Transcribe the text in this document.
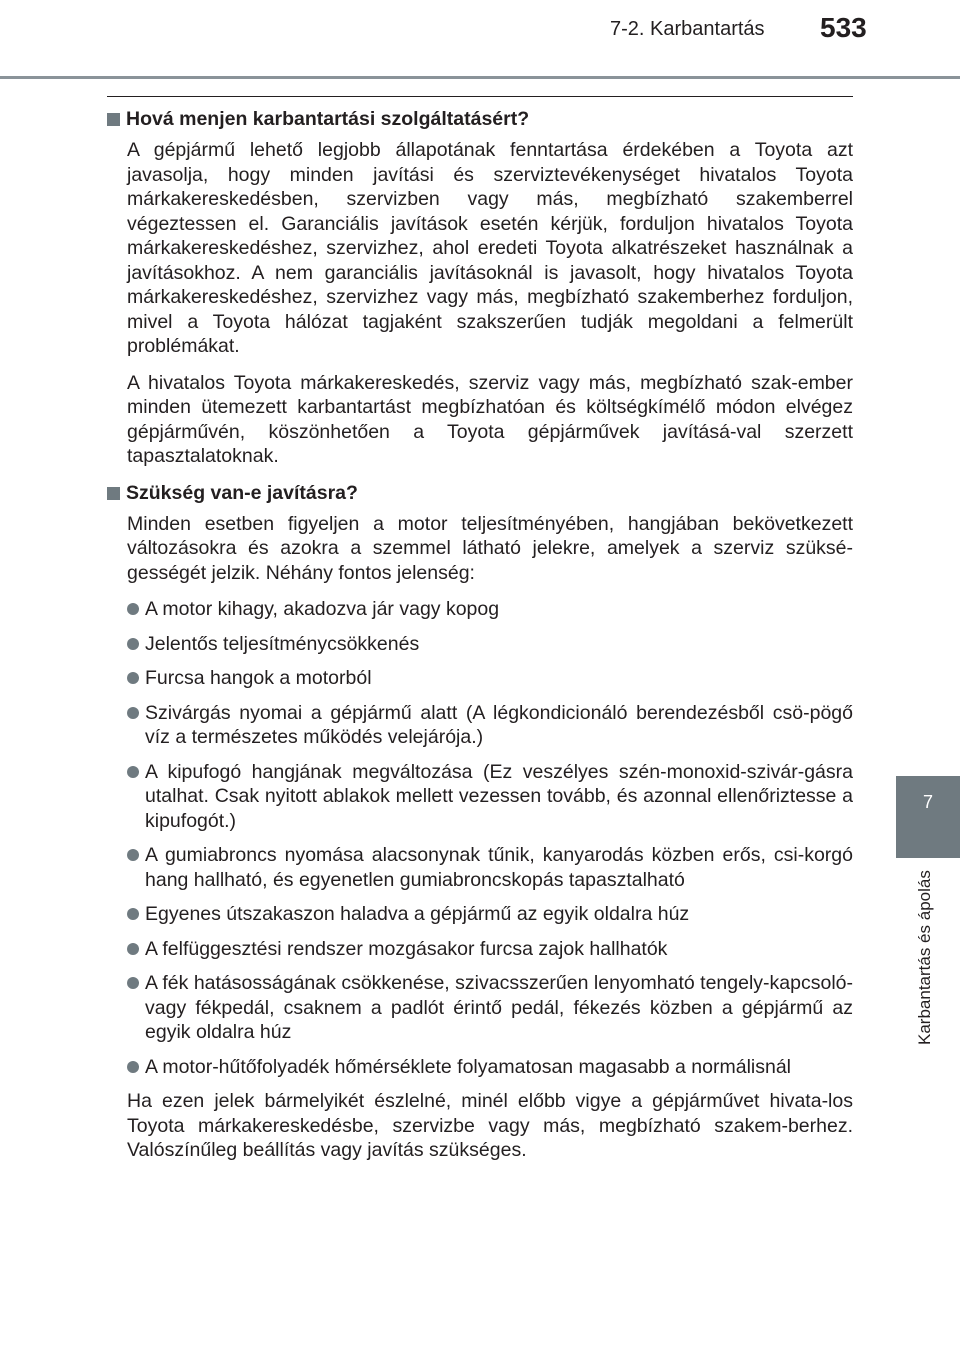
7-2. Karbantartás 533
7
Karbantartás és ápolás
Hová menjen karbantartási szolgáltatásért?

A gépjármű lehető legjobb állapotának fenntartása érdekében a Toyota azt javasolja, hogy minden javítási és szerviztevékenységet hivatalos Toyota márkakereskedésben, szervizben vagy más, megbízható szakemberrel végeztessen el. Garanciális javítások esetén kérjük, forduljon hivatalos Toyota márkakereskedéshez, szervizhez, ahol eredeti Toyota alkatrészeket használnak a javításokhoz. A nem garanciális javításoknál is javasolt, hogy hivatalos Toyota márkakereskedéshez, szervizhez vagy más, megbízható szakemberhez forduljon, mivel a Toyota hálózat tagjaként szakszerűen tudják megoldani a felmerült problémákat.

A hivatalos Toyota márkakereskedés, szerviz vagy más, megbízható szak-ember minden ütemezett karbantartást megbízhatóan és költségkímélő módon elvégez gépjárművén, köszönhetően a Toyota gépjárművek javításá-val szerzett tapasztalatoknak.

Szükség van-e javításra?

Minden esetben figyeljen a motor teljesítményében, hangjában bekövetkezett változásokra és azokra a szemmel látható jelekre, amelyek a szerviz szüksé-gességét jelzik. Néhány fontos jelenség:

A motor kihagy, akadozva jár vagy kopog
Jelentős teljesítménycsökkenés
Furcsa hangok a motorból
Szivárgás nyomai a gépjármű alatt (A légkondicionáló berendezésből csö-pögő víz a természetes működés velejárója.)
A kipufogó hangjának megváltozása (Ez veszélyes szén-monoxid-szivár-gásra utalhat. Csak nyitott ablakok mellett vezessen tovább, és azonnal ellenőriztesse a kipufogót.)
A gumiabroncs nyomása alacsonynak tűnik, kanyarodás közben erős, csi-korgó hang hallható, és egyenetlen gumiabroncskopás tapasztalható
Egyenes útszakaszon haladva a gépjármű az egyik oldalra húz
A felfüggesztési rendszer mozgásakor furcsa zajok hallhatók
A fék hatásosságának csökkenése, szivacsszerűen lenyomható tengely-kapcsoló- vagy fékpedál, csaknem a padlót érintő pedál, fékezés közben a gépjármű az egyik oldalra húz
A motor-hűtőfolyadék hőmérséklete folyamatosan magasabb a normálisnál

Ha ezen jelek bármelyikét észlelné, minél előbb vigye a gépjárművet hivata-los Toyota márkakereskedésbe, szervizbe vagy más, megbízható szakem-berhez. Valószínűleg beállítás vagy javítás szükséges.
